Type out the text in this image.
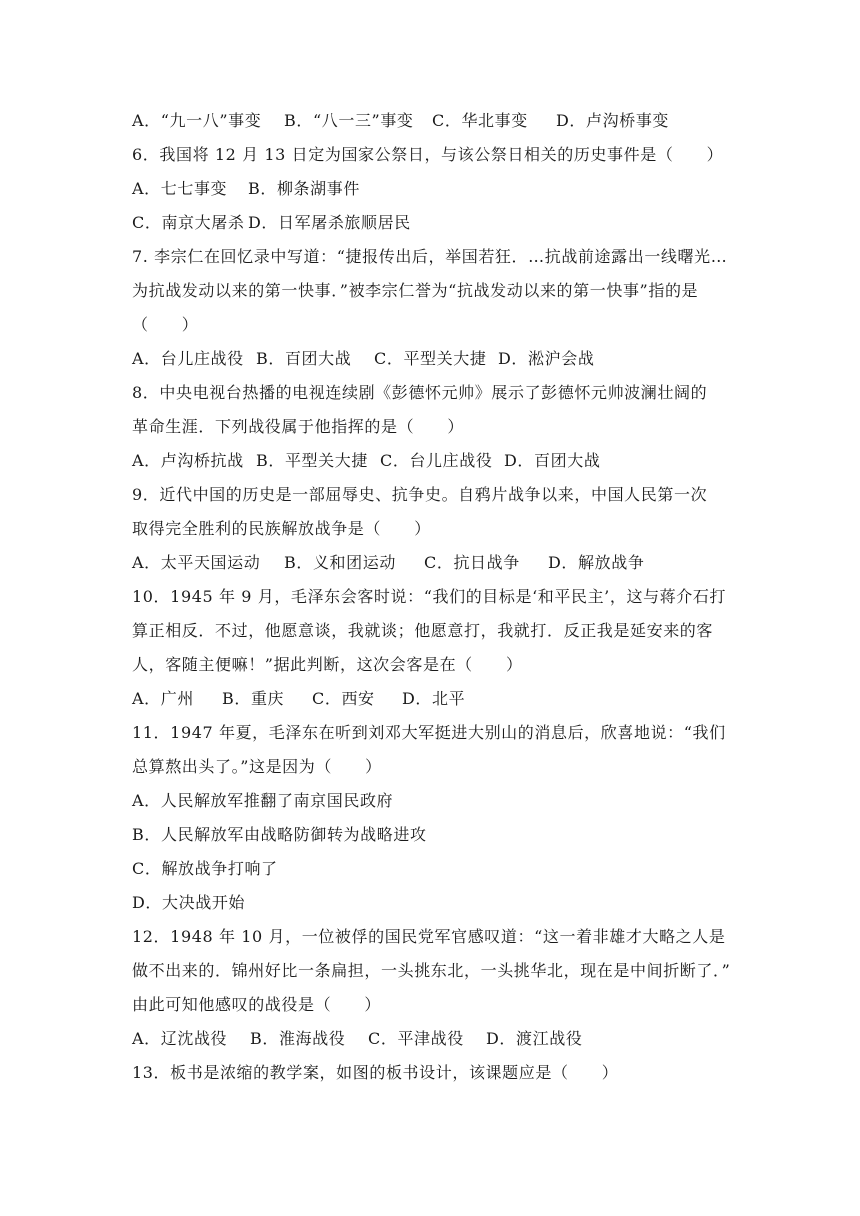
A．“九一八”事变 B．“八一三”事变 C．华北事变 D．卢沟桥事变
6．我国将 12 月 13 日定为国家公祭日，与该公祭日相关的历史事件是（　　）
A．七七事变 B．柳条湖事件
C．南京大屠杀 D．日军屠杀旅顺居民
7. 李宗仁在回忆录中写道：“捷报传出后，举国若狂．…抗战前途露出一线曙光…
为抗战发动以来的第一快事．”被李宗仁誉为“抗战发动以来的第一快事”指的是
（　　）
A．台儿庄战役 B．百团大战 C．平型关大捷 D．淞沪会战
8．中央电视台热播的电视连续剧《彭德怀元帅》展示了彭德怀元帅波澜壮阔的
革命生涯．下列战役属于他指挥的是（　　）
A．卢沟桥抗战 B．平型关大捷 C．台儿庄战役 D．百团大战
9．近代中国的历史是一部屈辱史、抗争史。自鸦片战争以来，中国人民第一次
取得完全胜利的民族解放战争是（　　）
A．太平天国运动 B．义和团运动 C．抗日战争 D．解放战争
10．1945 年 9 月，毛泽东会客时说：“我们的目标是‘和平民主’，这与蒋介石打
算正相反．不过，他愿意谈，我就谈；他愿意打，我就打．反正我是延安来的客
人，客随主便嘛！”据此判断，这次会客是在（　　）
A．广州 B．重庆 C．西安 D．北平
11．1947 年夏，毛泽东在听到刘邓大军挺进大别山的消息后，欣喜地说：“我们
总算熬出头了。”这是因为（　　）
A．人民解放军推翻了南京国民政府
B．人民解放军由战略防御转为战略进攻
C．解放战争打响了
D．大决战开始
12．1948 年 10 月，一位被俘的国民党军官感叹道：“这一着非雄才大略之人是
做不出来的．锦州好比一条扁担，一头挑东北，一头挑华北，现在是中间折断了．”
由此可知他感叹的战役是（　　）
A．辽沈战役 B．淮海战役 C．平津战役 D．渡江战役
13．板书是浓缩的教学案，如图的板书设计，该课题应是（　　）
